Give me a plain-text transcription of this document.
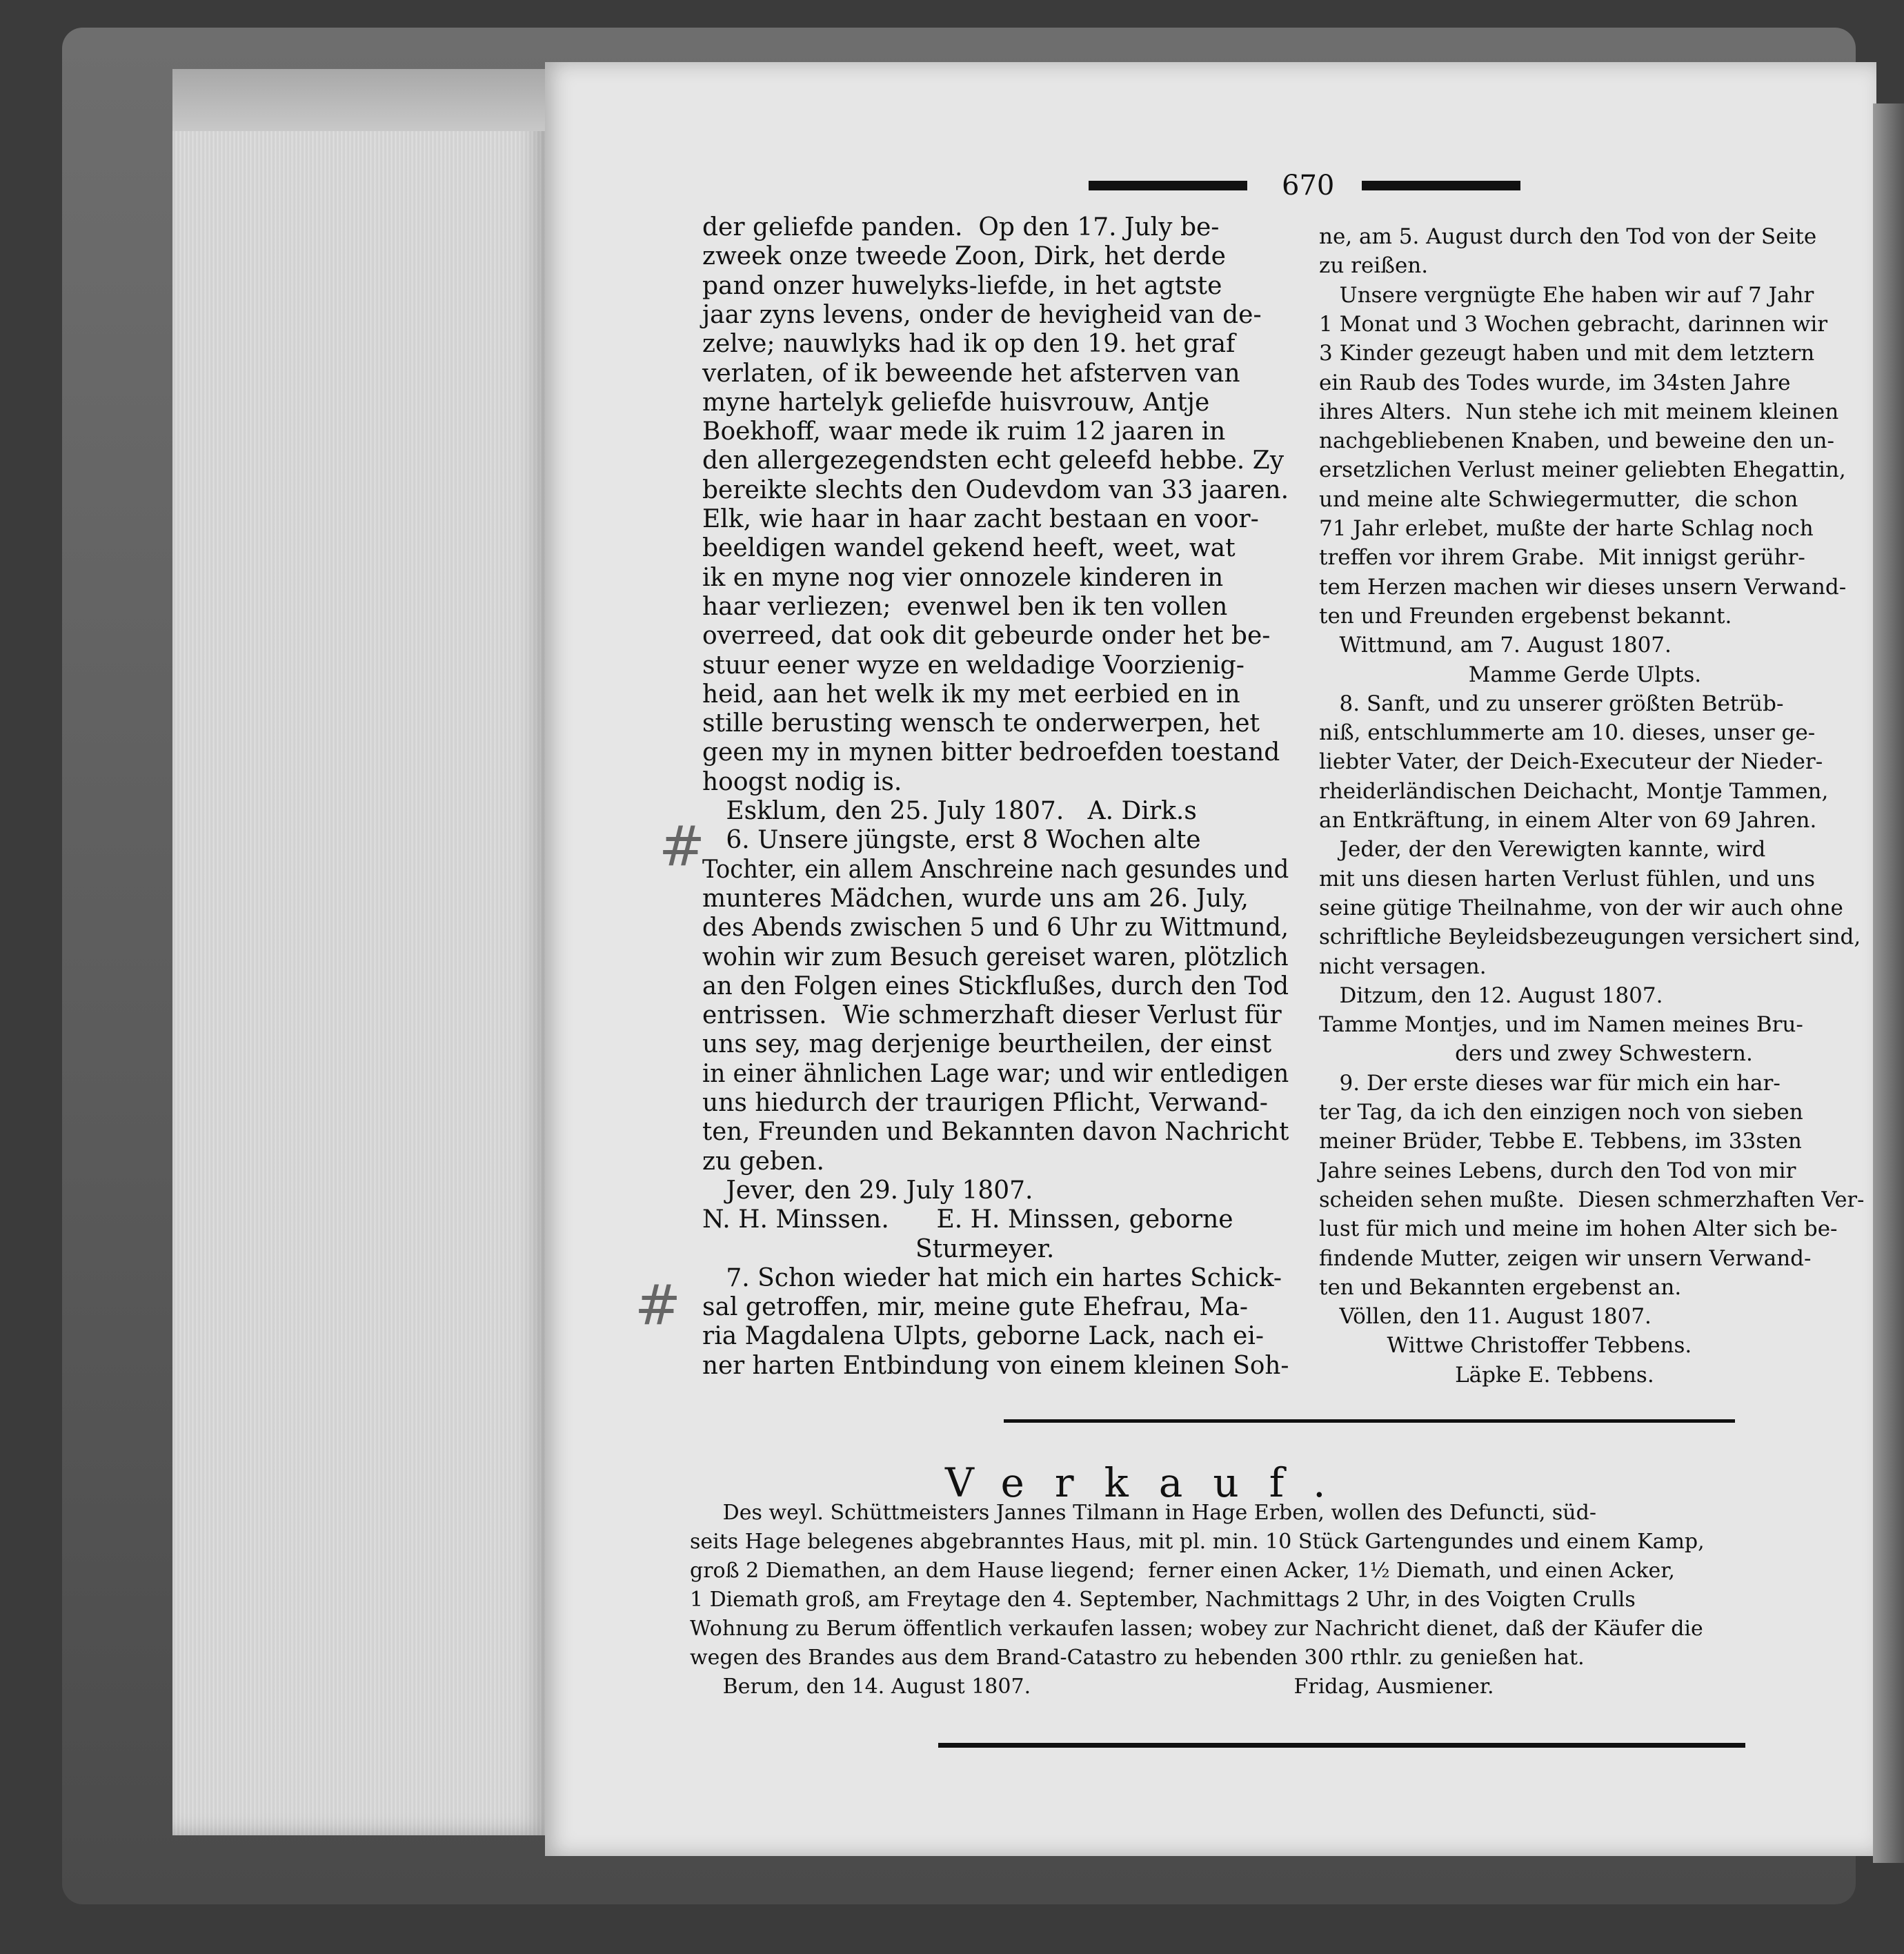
670
der geliefde panden.  Op den 17. July be-
zweek onze tweede Zoon, Dirk, het derde
pand onzer huwelyks-liefde, in het agtste
jaar zyns levens, onder de hevigheid van de-
zelve; nauwlyks had ik op den 19. het graf
verlaten, of ik beweende het afsterven van
myne hartelyk geliefde huisvrouw, Antje
Boekhoff, waar mede ik ruim 12 jaaren in
den allergezegendsten echt geleefd hebbe. Zy
bereikte slechts den Oudevdom van 33 jaaren.
Elk, wie haar in haar zacht bestaan en voor-
beeldigen wandel gekend heeft, weet, wat
ik en myne nog vier onnozele kinderen in
haar verliezen;  evenwel ben ik ten vollen
overreed, dat ook dit gebeurde onder het be-
stuur eener wyze en weldadige Voorzienig-
heid, aan het welk ik my met eerbied en in
stille berusting wensch te onderwerpen, het
geen my in mynen bitter bedroefden toestand
hoogst nodig is.
Esklum, den 25. July 1807.   A. Dirk.s
6. Unsere jüngste, erst 8 Wochen alte
Tochter, ein allem Anschreine nach gesundes und
munteres Mädchen, wurde uns am 26. July,
des Abends zwischen 5 und 6 Uhr zu Wittmund,
wohin wir zum Besuch gereiset waren, plötzlich
an den Folgen eines Stickflußes, durch den Tod
entrissen.  Wie schmerzhaft dieser Verlust für
uns sey, mag derjenige beurtheilen, der einst
in einer ähnlichen Lage war; und wir entledigen
uns hiedurch der traurigen Pflicht, Verwand-
ten, Freunden und Bekannten davon Nachricht
zu geben.
Jever, den 29. July 1807.
N. H. Minssen.      E. H. Minssen, geborne
Sturmeyer.
7. Schon wieder hat mich ein hartes Schick-
sal getroffen, mir, meine gute Ehefrau, Ma-
ria Magdalena Ulpts, geborne Lack, nach ei-
ner harten Entbindung von einem kleinen Soh-
ne, am 5. August durch den Tod von der Seite
zu reißen.
Unsere vergnügte Ehe haben wir auf 7 Jahr
1 Monat und 3 Wochen gebracht, darinnen wir
3 Kinder gezeugt haben und mit dem letztern
ein Raub des Todes wurde, im 34sten Jahre
ihres Alters.  Nun stehe ich mit meinem kleinen
nachgebliebenen Knaben, und beweine den un-
ersetzlichen Verlust meiner geliebten Ehegattin,
und meine alte Schwiegermutter,  die schon
71 Jahr erlebet, mußte der harte Schlag noch
treffen vor ihrem Grabe.  Mit innigst gerühr-
tem Herzen machen wir dieses unsern Verwand-
ten und Freunden ergebenst bekannt.
Wittmund, am 7. August 1807.
Mamme Gerde Ulpts.
8. Sanft, und zu unserer größten Betrüb-
niß, entschlummerte am 10. dieses, unser ge-
liebter Vater, der Deich-Executeur der Nieder-
rheiderländischen Deichacht, Montje Tammen,
an Entkräftung, in einem Alter von 69 Jahren.
Jeder, der den Verewigten kannte, wird
mit uns diesen harten Verlust fühlen, und uns
seine gütige Theilnahme, von der wir auch ohne
schriftliche Beyleidsbezeugungen versichert sind,
nicht versagen.
Ditzum, den 12. August 1807.
Tamme Montjes, und im Namen meines Bru-
ders und zwey Schwestern.
9. Der erste dieses war für mich ein har-
ter Tag, da ich den einzigen noch von sieben
meiner Brüder, Tebbe E. Tebbens, im 33sten
Jahre seines Lebens, durch den Tod von mir
scheiden sehen mußte.  Diesen schmerzhaften Ver-
lust für mich und meine im hohen Alter sich be-
findende Mutter, zeigen wir unsern Verwand-
ten und Bekannten ergebenst an.
Völlen, den 11. August 1807.
Wittwe Christoffer Tebbens.
Läpke E. Tebbens.
#
#
Verkauf.
Des weyl. Schüttmeisters Jannes Tilmann in Hage Erben, wollen des Defuncti, süd-
seits Hage belegenes abgebranntes Haus, mit pl. min. 10 Stück Gartengundes und einem Kamp,
groß 2 Diemathen, an dem Hause liegend;  ferner einen Acker, 1½ Diemath, und einen Acker,
1 Diemath groß, am Freytage den 4. September, Nachmittags 2 Uhr, in des Voigten Crulls
Wohnung zu Berum öffentlich verkaufen lassen; wobey zur Nachricht dienet, daß der Käufer die
wegen des Brandes aus dem Brand-Catastro zu hebenden 300 rthlr. zu genießen hat.
Berum, den 14. August 1807.                                        Fridag, Ausmiener.
